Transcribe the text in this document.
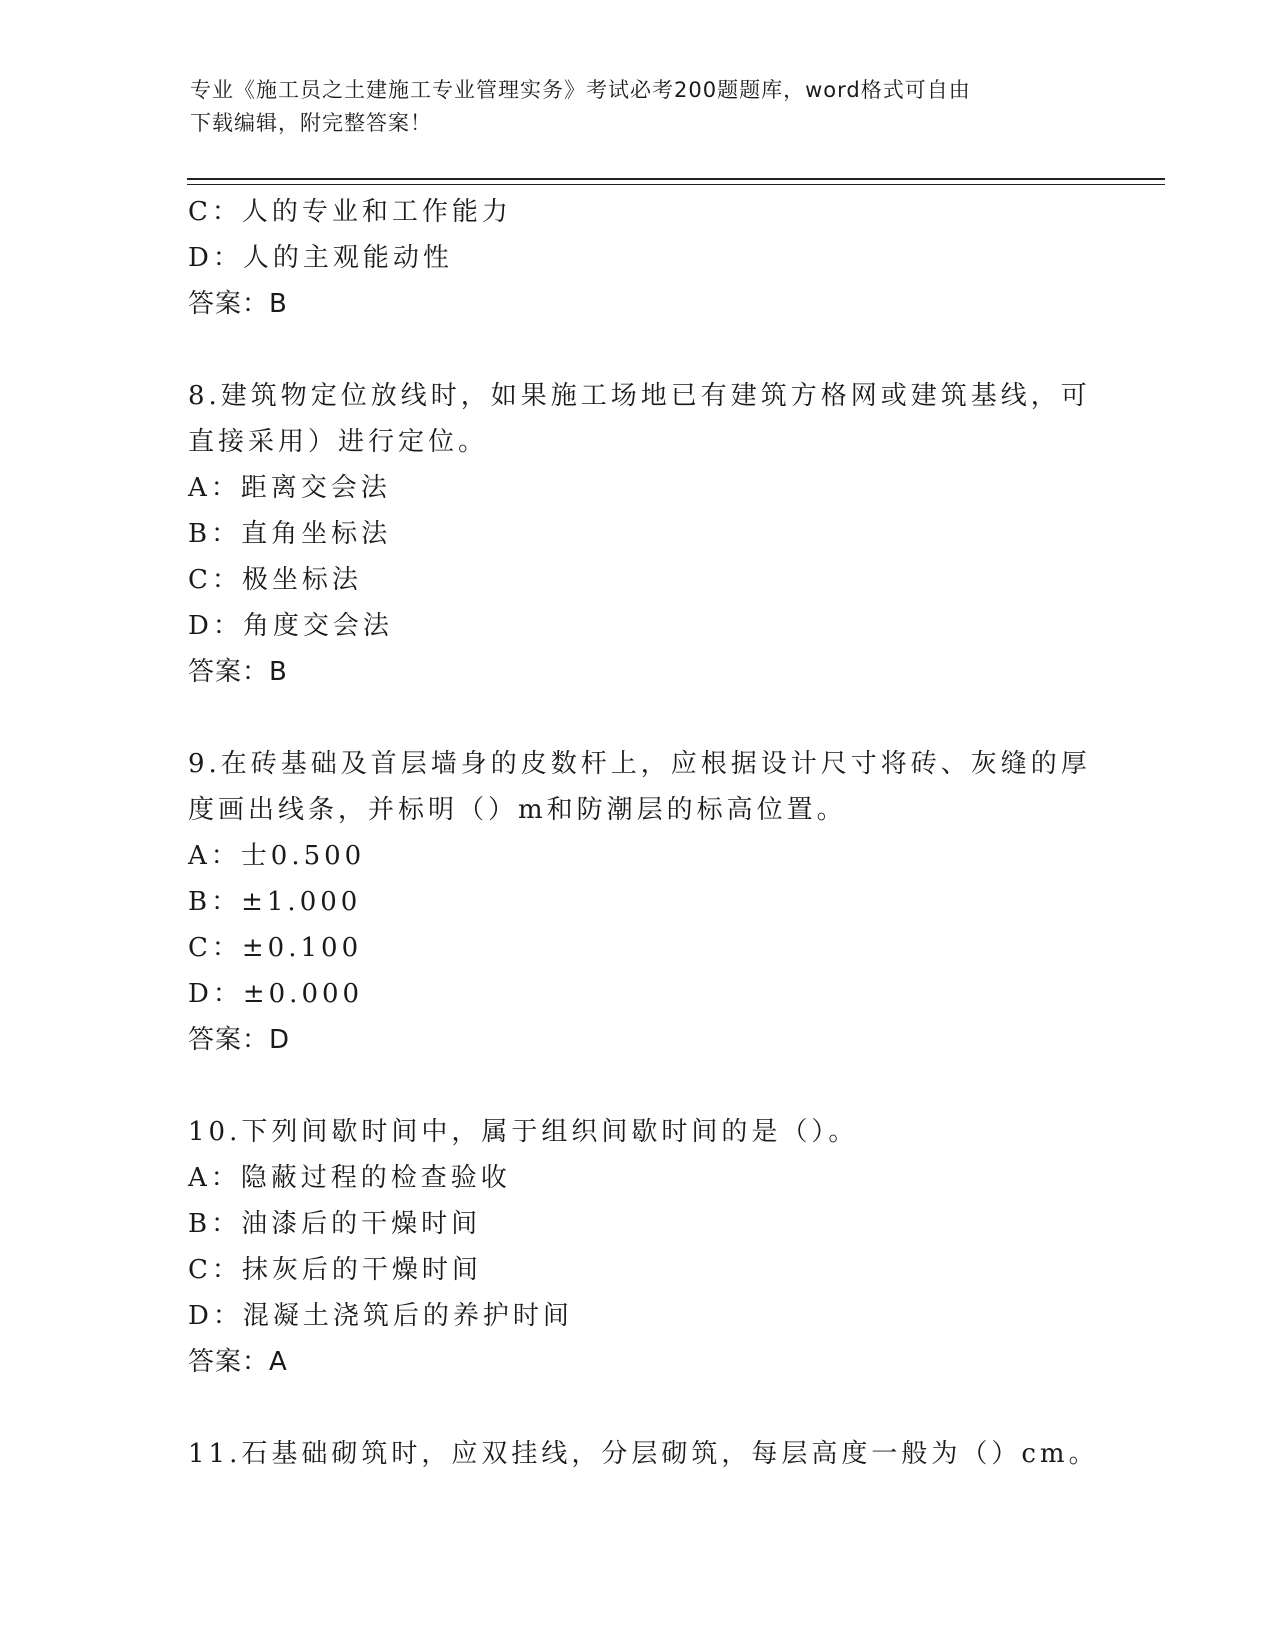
专业《施工员之土建施工专业管理实务》考试必考200题题库，word格式可自由
下载编辑，附完整答案！
C：人的专业和工作能力
D：人的主观能动性
答案：B
8.建筑物定位放线时，如果施工场地已有建筑方格网或建筑基线，可
直接采用）进行定位。
A：距离交会法
B：直角坐标法
C：极坐标法
D：角度交会法
答案：B
9.在砖基础及首层墙身的皮数杆上，应根据设计尺寸将砖、灰缝的厚
度画出线条，并标明（）m和防潮层的标高位置。
A：士0.500
B：±1.000
C：±0.100
D：±0.000
答案：D
10.下列间歇时间中，属于组织间歇时间的是（）。
A：隐蔽过程的检查验收
B：油漆后的干燥时间
C：抹灰后的干燥时间
D：混凝土浇筑后的养护时间
答案：A
11.石基础砌筑时，应双挂线，分层砌筑，每层高度一般为（）cm。
